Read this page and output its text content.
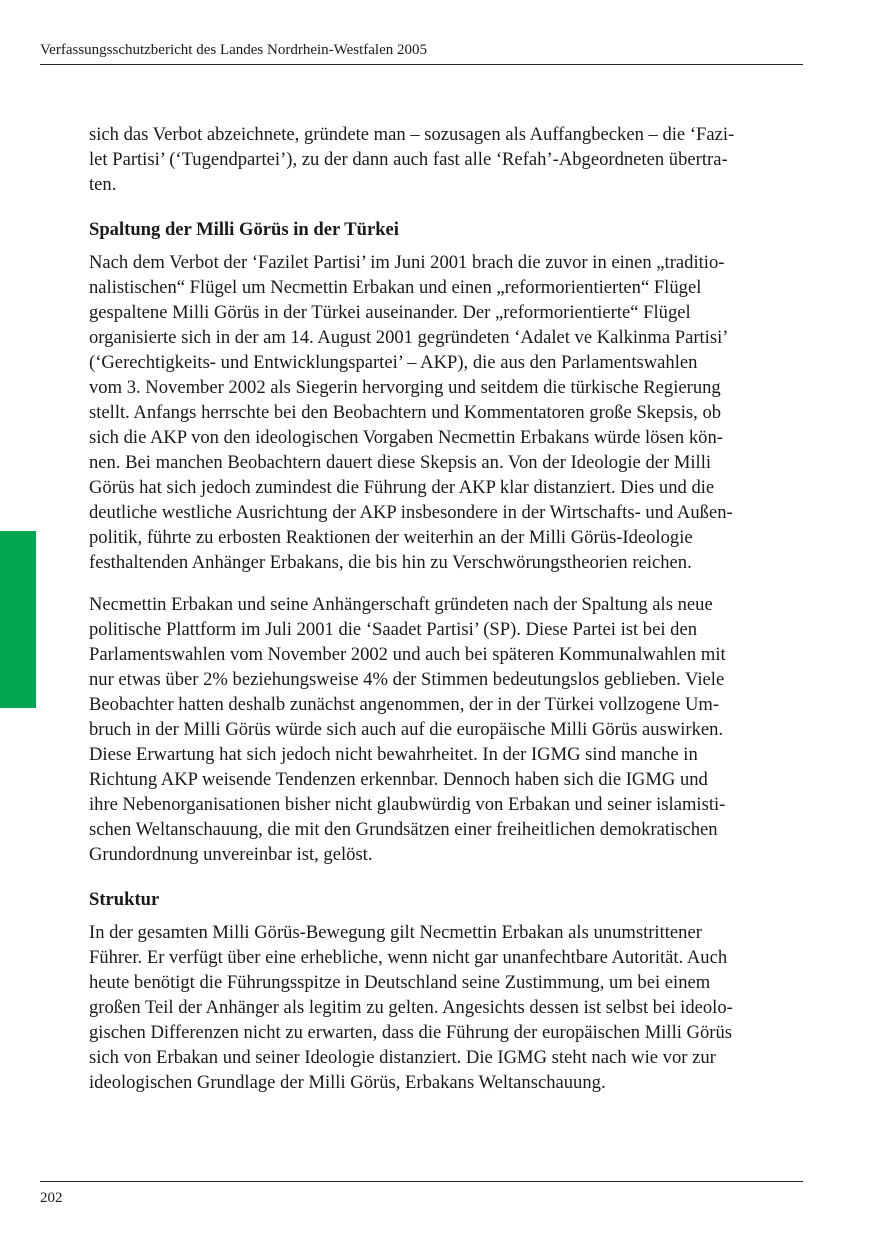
Verfassungsschutzbericht des Landes Nordrhein-Westfalen 2005

sich das Verbot abzeichnete, gründete man – sozusagen als Auffangbecken – die ‘Fazi-
let Partisi’ (‘Tugendpartei’), zu der dann auch fast alle ‘Refah’-Abgeordneten übertra-
ten.

Spaltung der Milli Görüs in der Türkei

Nach dem Verbot der ‘Fazilet Partisi’ im Juni 2001 brach die zuvor in einen „traditio-
nalistischen“ Flügel um Necmettin Erbakan und einen „reformorientierten“ Flügel
gespaltene Milli Görüs in der Türkei auseinander. Der „reformorientierte“ Flügel
organisierte sich in der am 14. August 2001 gegründeten ‘Adalet ve Kalkinma Partisi’
(‘Gerechtigkeits- und Entwicklungspartei’ – AKP), die aus den Parlamentswahlen
vom 3. November 2002 als Siegerin hervorging und seitdem die türkische Regierung
stellt. Anfangs herrschte bei den Beobachtern und Kommentatoren große Skepsis, ob
sich die AKP von den ideologischen Vorgaben Necmettin Erbakans würde lösen kön-
nen. Bei manchen Beobachtern dauert diese Skepsis an. Von der Ideologie der Milli
Görüs hat sich jedoch zumindest die Führung der AKP klar distanziert. Dies und die
deutliche westliche Ausrichtung der AKP insbesondere in der Wirtschafts- und Außen-
politik, führte zu erbosten Reaktionen der weiterhin an der Milli Görüs-Ideologie
festhaltenden Anhänger Erbakans, die bis hin zu Verschwörungstheorien reichen.

Necmettin Erbakan und seine Anhängerschaft gründeten nach der Spaltung als neue
politische Plattform im Juli 2001 die ‘Saadet Partisi’ (SP). Diese Partei ist bei den
Parlamentswahlen vom November 2002 und auch bei späteren Kommunalwahlen mit
nur etwas über 2% beziehungsweise 4% der Stimmen bedeutungslos geblieben. Viele
Beobachter hatten deshalb zunächst angenommen, der in der Türkei vollzogene Um-
bruch in der Milli Görüs würde sich auch auf die europäische Milli Görüs auswirken.
Diese Erwartung hat sich jedoch nicht bewahrheitet. In der IGMG sind manche in
Richtung AKP weisende Tendenzen erkennbar. Dennoch haben sich die IGMG und
ihre Nebenorganisationen bisher nicht glaubwürdig von Erbakan und seiner islamisti-
schen Weltanschauung, die mit den Grundsätzen einer freiheitlichen demokratischen
Grundordnung unvereinbar ist, gelöst.

Struktur

In der gesamten Milli Görüs-Bewegung gilt Necmettin Erbakan als unumstrittener
Führer. Er verfügt über eine erhebliche, wenn nicht gar unanfechtbare Autorität. Auch
heute benötigt die Führungsspitze in Deutschland seine Zustimmung, um bei einem
großen Teil der Anhänger als legitim zu gelten. Angesichts dessen ist selbst bei ideolo-
gischen Differenzen nicht zu erwarten, dass die Führung der europäischen Milli Görüs
sich von Erbakan und seiner Ideologie distanziert. Die IGMG steht nach wie vor zur
ideologischen Grundlage der Milli Görüs, Erbakans Weltanschauung.

202
